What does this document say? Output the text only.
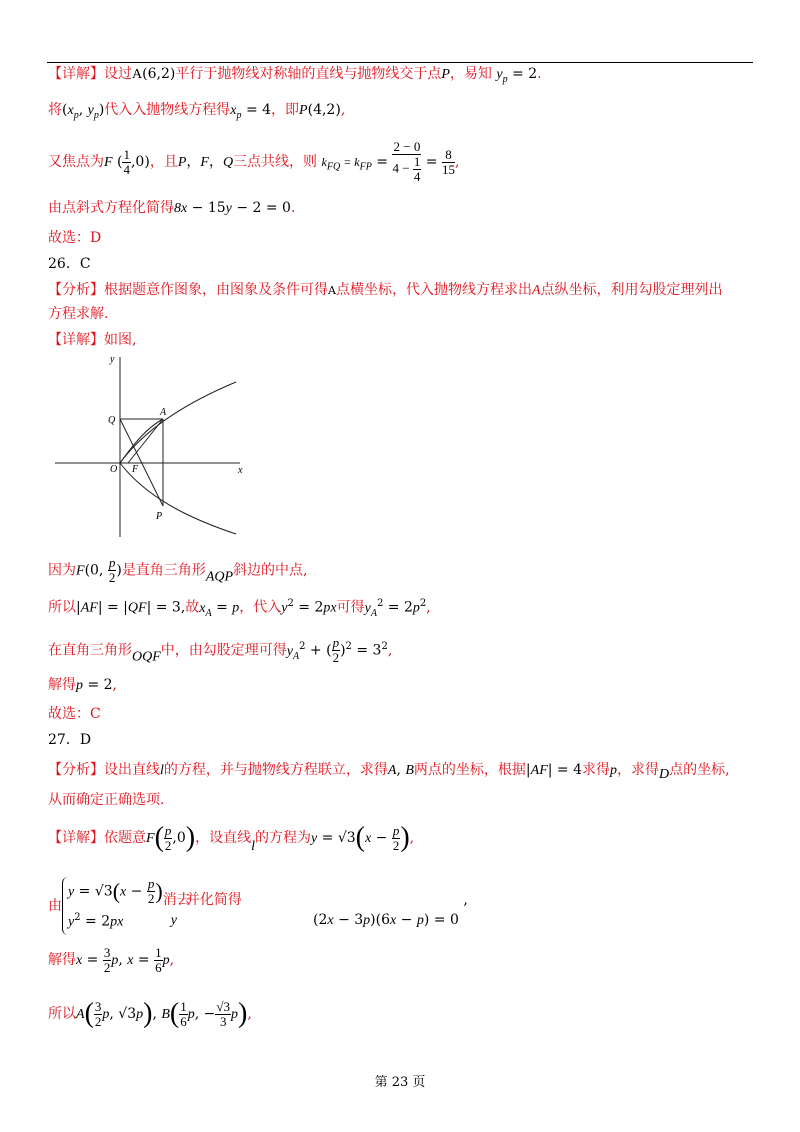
【详解】设过A(6,2)平行于抛物线对称轴的直线与抛物线交于点P，易知 $y_p = 2$.
将($x_p$, $y_p$)代入入抛物线方程得$x_p = 4$，即P(4,2),
又焦点为F ( $\frac{1}{4} ,0$)，且P，F，Q三点共线，则 $k_{FQ} = k_{FP} = \frac{2 - 0}{4 - \frac{1}{4}} = \frac{8}{15}$ ,
由点斜式方程化简得8x − 15y − 2 = 0.
故选：D
26．C
【分析】根据题意作图象，由图象及条件可得A点横坐标，代入抛物线方程求出A点纵坐标，利用勾股定理列出
方程求解.
【详解】如图,
y
Q
A
O F	x
P
因为F(0, $\frac{p}{2}$ )是直角三角形AQP斜边的中点,
所以|AF| = |QF| = 3,故$x_A = p$，代入$y^2 = 2px$可得$y_A^2 = 2p^2$,
在直角三角形OQF中，由勾股定理可得$y_A^2$ + ( $\frac{p}{2} )^2 = 3^2$,
解得p = 2,
故选：C
27．D
【分析】设出直线l的方程，并与抛物线方程联立，求得A, B两点的坐标，根据|AF| = 4求得p，求得D点的坐标,
从而确定正确选项.
【详解】依题意$F( \frac{p}{2} ,0)$，设直线l的方程为$y = √3(x - \frac{p}{2}$ ),
由
$y = √3(x - \frac{p}{2}$ )
$y^2 = 2px$
消去y  并化简得                (2x − 3p)(6x − p) = 0 ,
解得$x = \frac{3}{2} p$, $x = \frac{1}{6} p$,
所以$A( \frac{3}{2} p$, √3p), $B( \frac{1}{6} p$, − $\frac{√3}{3} p$),
第 23 页
